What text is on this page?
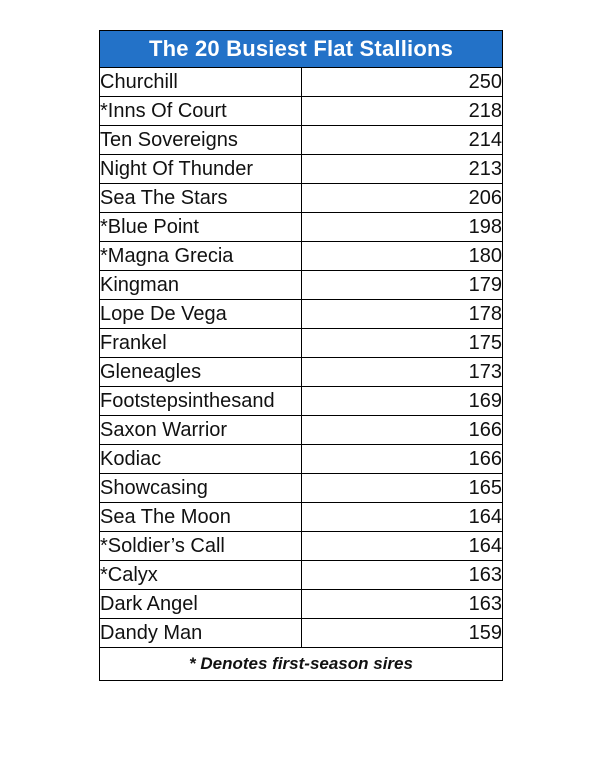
The 20 Busiest Flat Stallions	
Churchill	250
*Inns Of Court	218
Ten Sovereigns	214
Night Of Thunder	213
Sea The Stars	206
*Blue Point	198
*Magna Grecia	180
Kingman	179
Lope De Vega	178
Frankel	175
Gleneagles	173
Footstepsinthesand	169
Saxon Warrior	166
Kodiac	166
Showcasing	165
Sea The Moon	164
*Soldier’s Call	164
*Calyx	163
Dark Angel	163
Dandy Man	159
* Denotes first-season sires	
